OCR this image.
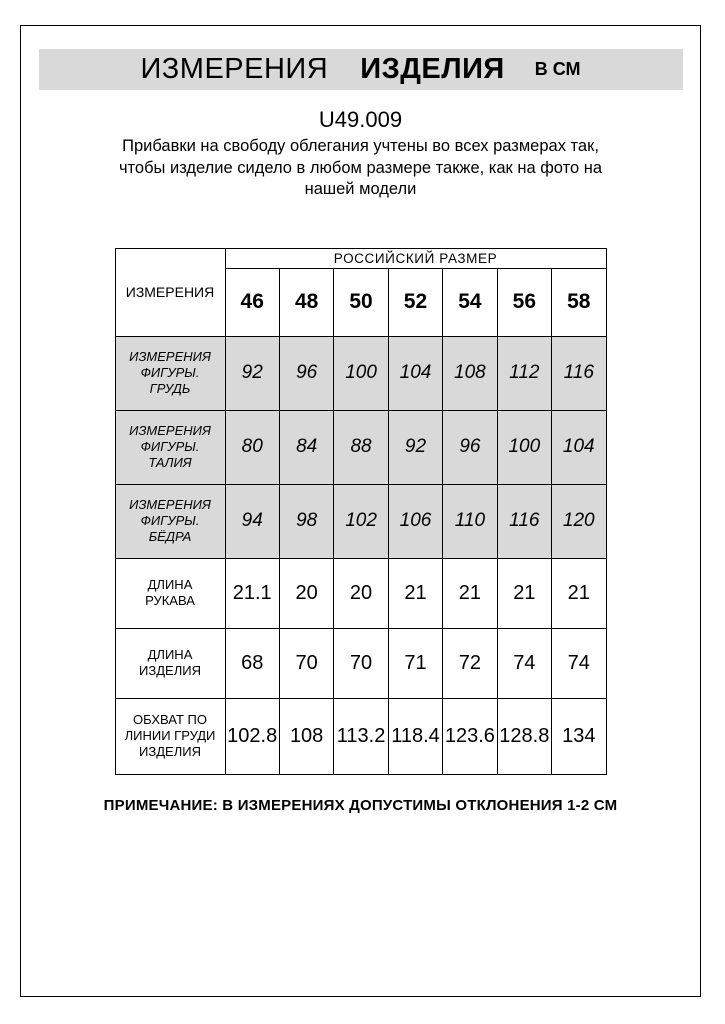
ИЗМЕРЕНИЯ ИЗДЕЛИЯ В СМ
U49.009

Прибавки на свободу облегания учтены во всех размерах так, чтобы изделие сидело в любом размере также, как на фото на нашей модели

ИЗМЕРЕНИЯ	РОССИЙСКИЙ РАЗМЕР						
	46	48	50	52	54	56	58
ИЗМЕРЕНИЯ ФИГУРЫ. ГРУДЬ	92	96	100	104	108	112	116
ИЗМЕРЕНИЯ ФИГУРЫ. ТАЛИЯ	80	84	88	92	96	100	104
ИЗМЕРЕНИЯ ФИГУРЫ. БЁДРА	94	98	102	106	110	116	120
ДЛИНА РУКАВА	21.1	20	20	21	21	21	21
ДЛИНА ИЗДЕЛИЯ	68	70	70	71	72	74	74
ОБХВАТ ПО ЛИНИИ ГРУДИ ИЗДЕЛИЯ	102.8	108	113.2	118.4	123.6	128.8	134
ПРИМЕЧАНИЕ: В ИЗМЕРЕНИЯХ ДОПУСТИМЫ ОТКЛОНЕНИЯ 1-2 СМ
